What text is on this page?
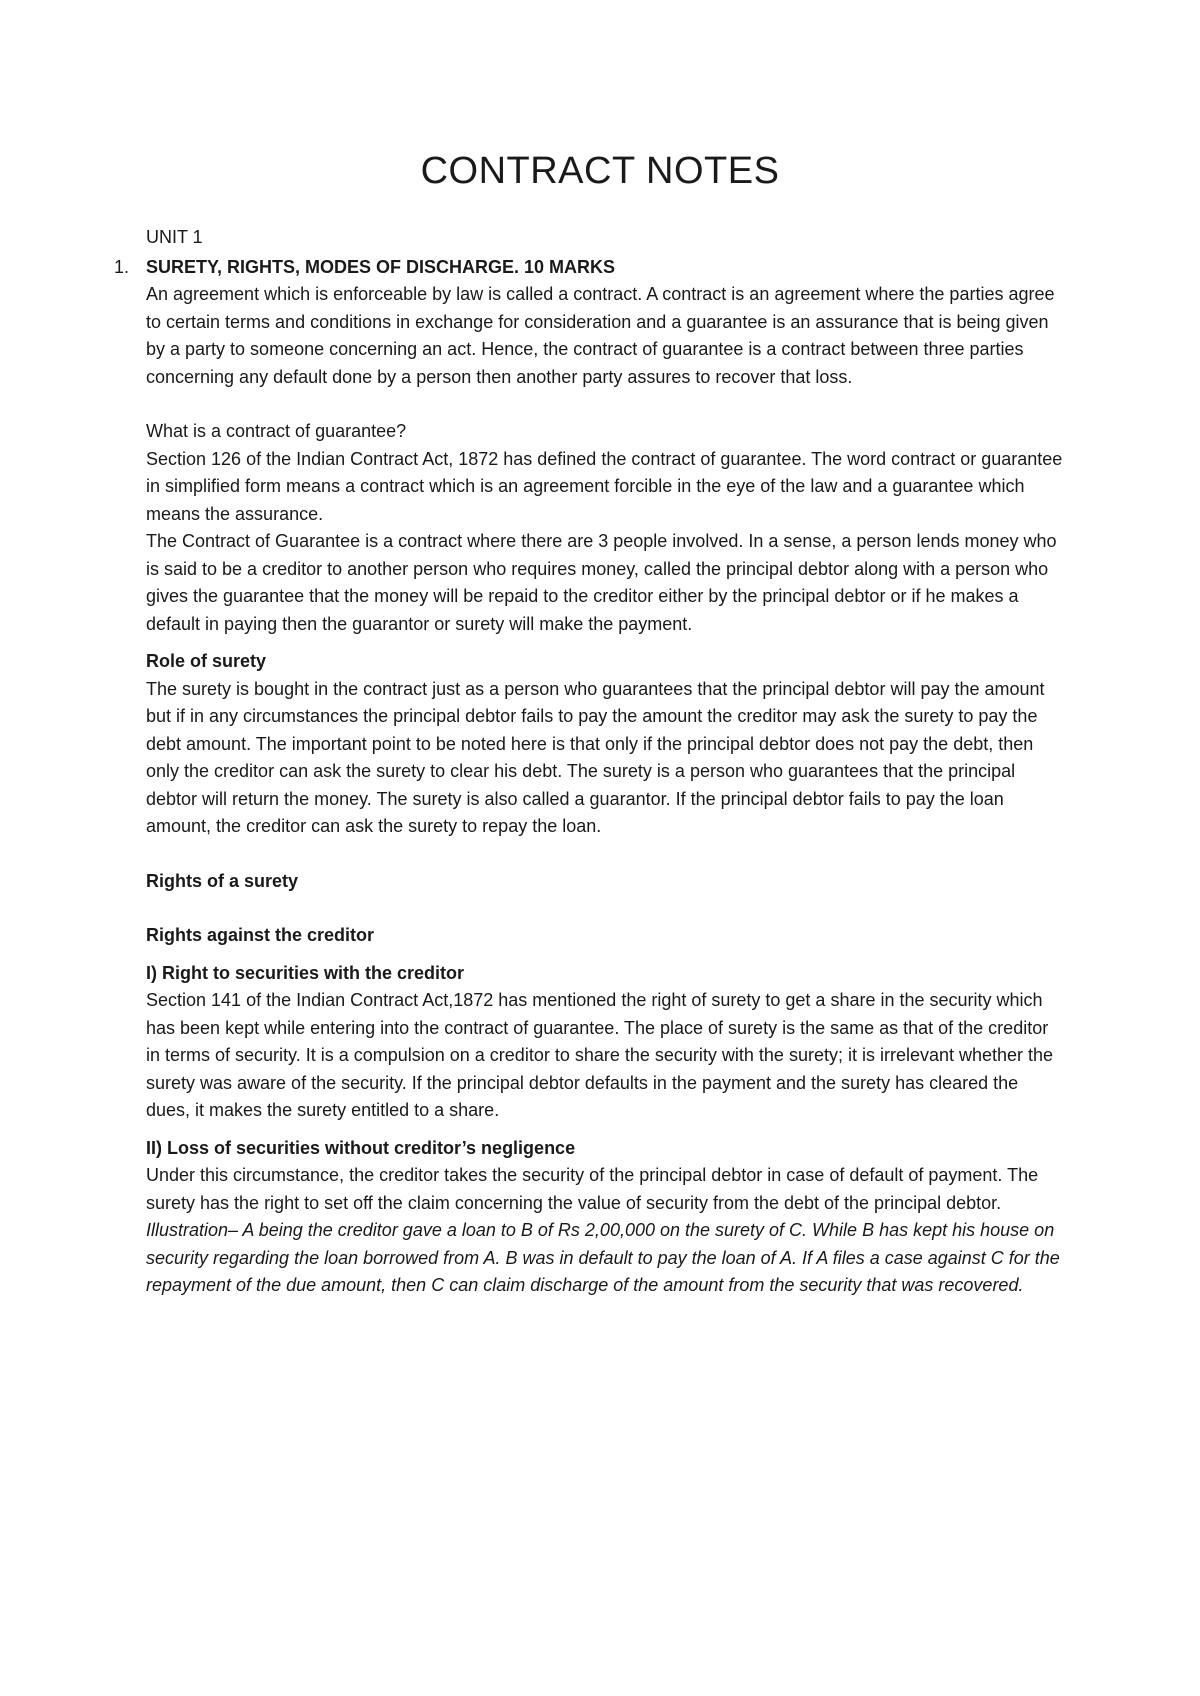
CONTRACT NOTES

UNIT 1

1. SURETY, RIGHTS, MODES OF DISCHARGE. 10 MARKS

An agreement which is enforceable by law is called a contract. A contract is an agreement where the parties agree to certain terms and conditions in exchange for consideration and a guarantee is an assurance that is being given by a party to someone concerning an act. Hence, the contract of guarantee is a contract between three parties concerning any default done by a person then another party assures to recover that loss.

What is a contract of guarantee?

Section 126 of the Indian Contract Act, 1872 has defined the contract of guarantee. The word contract or guarantee in simplified form means a contract which is an agreement forcible in the eye of the law and a guarantee which means the assurance.

The Contract of Guarantee is a contract where there are 3 people involved. In a sense, a person lends money who is said to be a creditor to another person who requires money, called the principal debtor along with a person who gives the guarantee that the money will be repaid to the creditor either by the principal debtor or if he makes a default in paying then the guarantor or surety will make the payment.

Role of surety

The surety is bought in the contract just as a person who guarantees that the principal debtor will pay the amount but if in any circumstances the principal debtor fails to pay the amount the creditor may ask the surety to pay the debt amount. The important point to be noted here is that only if the principal debtor does not pay the debt, then only the creditor can ask the surety to clear his debt. The surety is a person who guarantees that the principal debtor will return the money. The surety is also called a guarantor. If the principal debtor fails to pay the loan amount, the creditor can ask the surety to repay the loan.

Rights of a surety

Rights against the creditor

I) Right to securities with the creditor

Section 141 of the Indian Contract Act,1872 has mentioned the right of surety to get a share in the security which has been kept while entering into the contract of guarantee. The place of surety is the same as that of the creditor in terms of security. It is a compulsion on a creditor to share the security with the surety; it is irrelevant whether the surety was aware of the security. If the principal debtor defaults in the payment and the surety has cleared the dues, it makes the surety entitled to a share.

II) Loss of securities without creditor’s negligence

Under this circumstance, the creditor takes the security of the principal debtor in case of default of payment. The surety has the right to set off the claim concerning the value of security from the debt of the principal debtor.

Illustration– A being the creditor gave a loan to B of Rs 2,00,000 on the surety of C. While B has kept his house on security regarding the loan borrowed from A. B was in default to pay the loan of A. If A files a case against C for the repayment of the due amount, then C can claim discharge of the amount from the security that was recovered.
